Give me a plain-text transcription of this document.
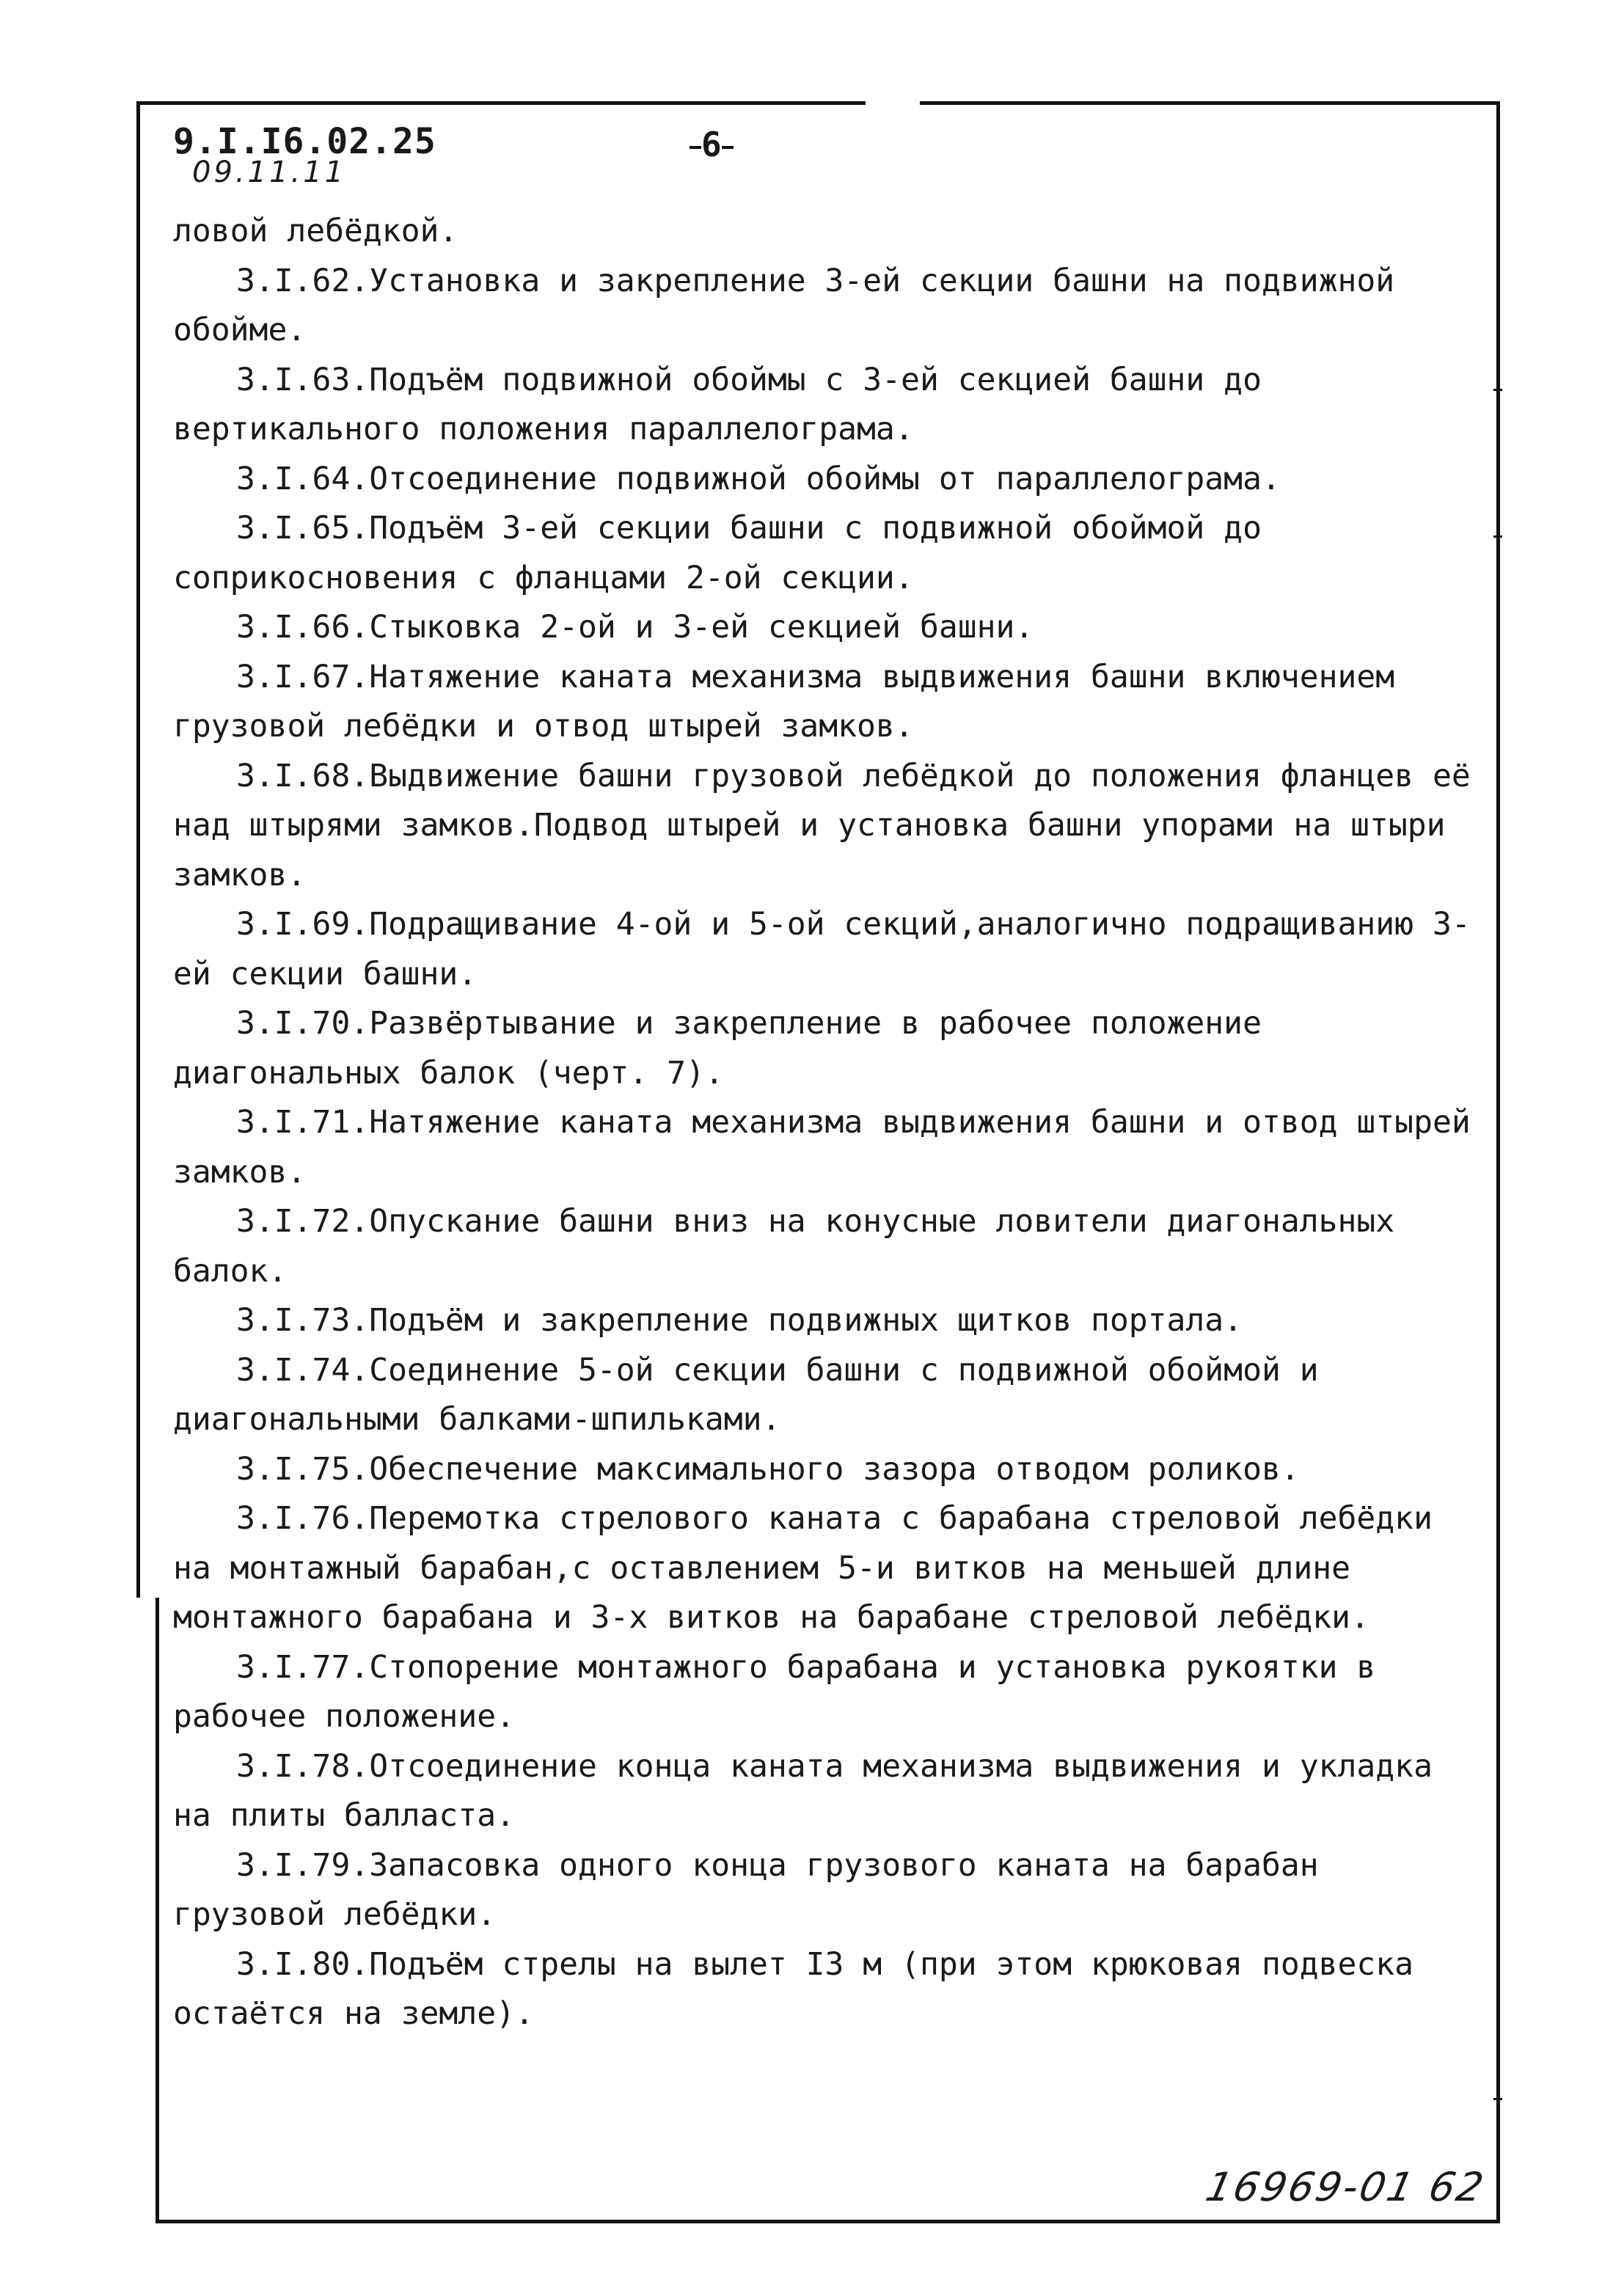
9.I.I6.02.25
09.11.11
6

ловой лебёдкой.

3.I.62.Установка и закрепление 3-ей секции башни на подвижной обойме.

3.I.63.Подъём подвижной обоймы с 3-ей секцией башни до вертикального положения параллелограма.

3.I.64.Отсоединение подвижной обоймы от параллелограма.

3.I.65.Подъём 3-ей секции башни с подвижной обоймой до соприкосновения с фланцами 2-ой секции.

3.I.66.Стыковка 2-ой и 3-ей секцией башни.

3.I.67.Натяжение каната механизма выдвижения башни включением грузовой лебёдки и отвод штырей замков.

3.I.68.Выдвижение башни грузовой лебёдкой до положения фланцев её над штырями замков.Подвод штырей и установка башни упорами на штыри замков.

3.I.69.Подращивание 4-ой и 5-ой секций,аналогично подращиванию 3-ей секции башни.

3.I.70.Развёртывание и закрепление в рабочее положение диагональных балок (черт. 7).

3.I.71.Натяжение каната механизма выдвижения башни и отвод штырей замков.

3.I.72.Опускание башни вниз на конусные ловители диагональных балок.

3.I.73.Подъём и закрепление подвижных щитков портала.

3.I.74.Соединение 5-ой секции башни с подвижной обоймой и диагональными балками-шпильками.

3.I.75.Обеспечение максимального зазора отводом роликов.

3.I.76.Перемотка стрелового каната с барабана стреловой лебёдки на монтажный барабан,с оставлением 5-и витков на меньшей длине монтажного барабана и 3-х витков на барабане стреловой лебёдки.

3.I.77.Стопорение монтажного барабана и установка рукоятки в рабочее положение.

3.I.78.Отсоединение конца каната механизма выдвижения и укладка на плиты балласта.

3.I.79.Запасовка одного конца грузового каната на барабан грузовой лебёдки.

3.I.80.Подъём стрелы на вылет I3 м (при этом крюковая подвеска остаётся на земле).

16969-01 62
